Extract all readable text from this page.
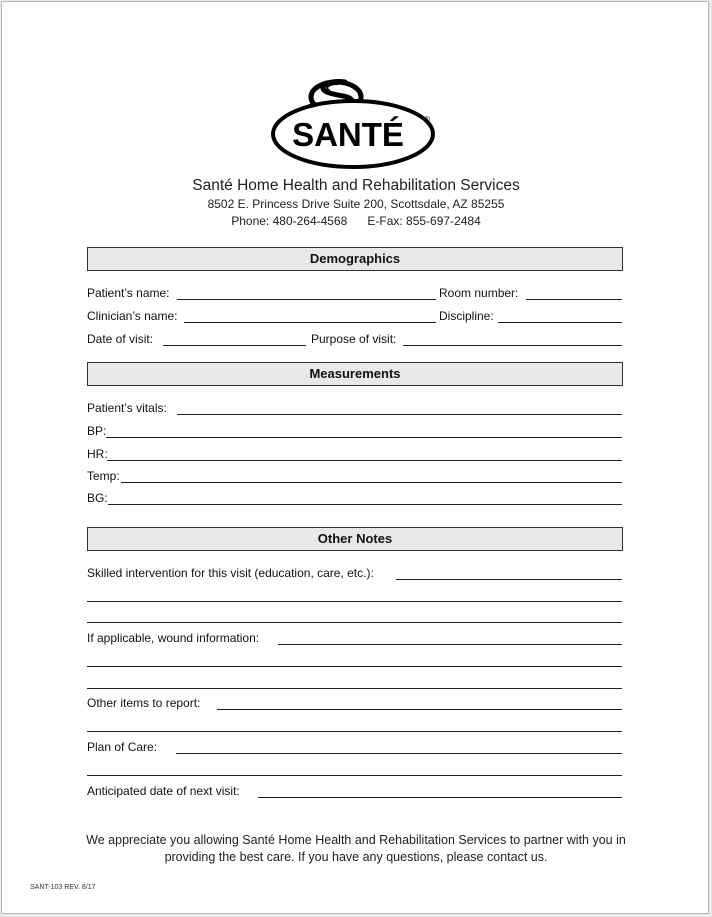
SANTÉ	®
Santé Home Health and Rehabilitation Services
8502 E. Princess Drive Suite 200, Scottsdale, AZ 85255
Phone: 480-264-4568 E-Fax: 855-697-2484
Demographics
Patient’s name:	Room number:
Clinician’s name:	Discipline:
Date of visit:	Purpose of visit:
Measurements
Patient’s vitals:
BP:
HR:
Temp:
BG:
Other Notes
Skilled intervention for this visit (education, care, etc.):
If applicable, wound information:
Other items to report:
Plan of Care:
Anticipated date of next visit:
We appreciate you allowing Santé Home Health and Rehabilitation Services to partner with you in
providing the best care. If you have any questions, please contact us.
SANT-103 REV. 8/17
